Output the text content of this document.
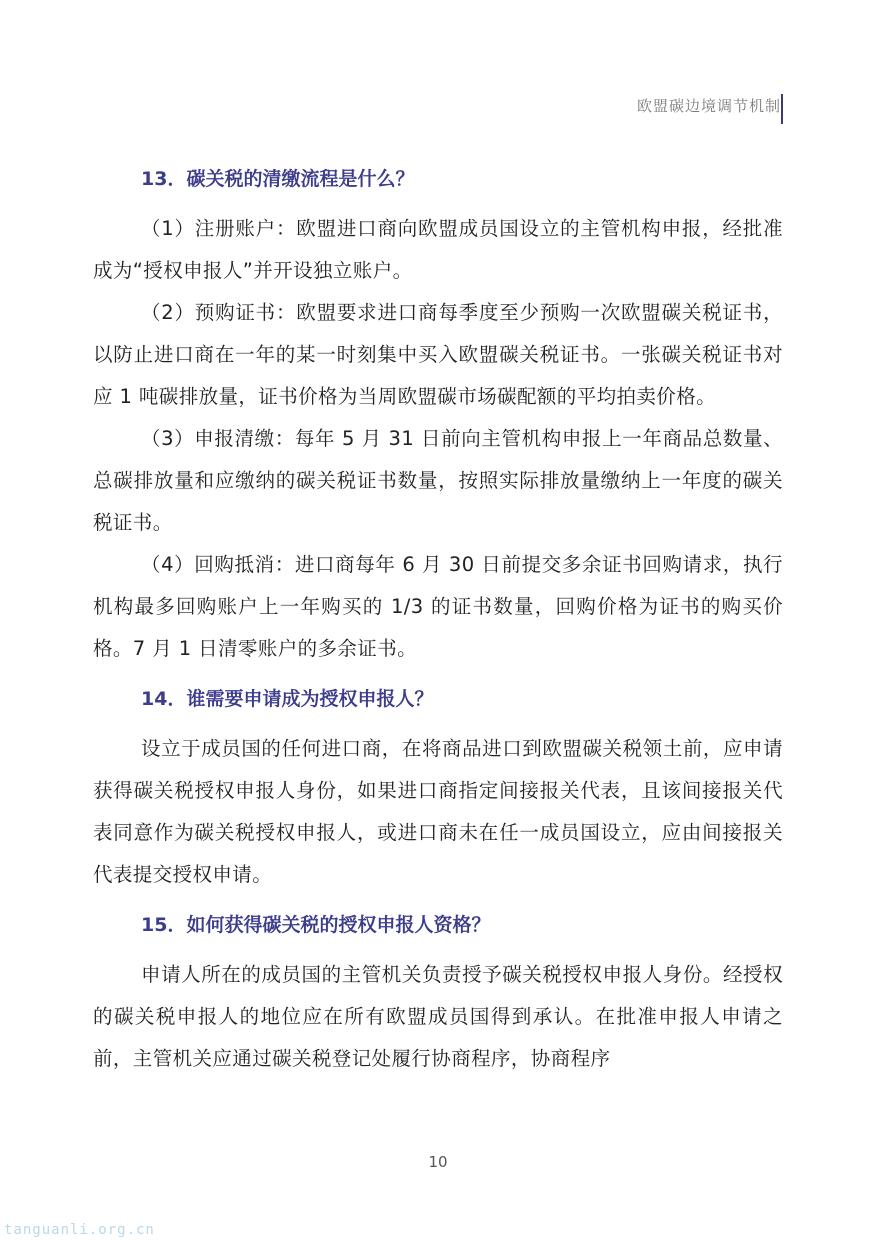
欧盟碳边境调节机制
13．碳关税的清缴流程是什么？

（1）注册账户：欧盟进口商向欧盟成员国设立的主管机构申报，经批准成为“授权申报人”并开设独立账户。

（2）预购证书：欧盟要求进口商每季度至少预购一次欧盟碳关税证书，以防止进口商在一年的某一时刻集中买入欧盟碳关税证书。一张碳关税证书对应 1 吨碳排放量，证书价格为当周欧盟碳市场碳配额的平均拍卖价格。

（3）申报清缴：每年 5 月 31 日前向主管机构申报上一年商品总数量、总碳排放量和应缴纳的碳关税证书数量，按照实际排放量缴纳上一年度的碳关税证书。

（4）回购抵消：进口商每年 6 月 30 日前提交多余证书回购请求，执行机构最多回购账户上一年购买的 1/3 的证书数量，回购价格为证书的购买价格。7 月 1 日清零账户的多余证书。

14．谁需要申请成为授权申报人？

设立于成员国的任何进口商，在将商品进口到欧盟碳关税领土前，应申请获得碳关税授权申报人身份，如果进口商指定间接报关代表，且该间接报关代表同意作为碳关税授权申报人，或进口商未在任一成员国设立，应由间接报关代表提交授权申请。

15．如何获得碳关税的授权申报人资格？

申请人所在的成员国的主管机关负责授予碳关税授权申报人身份。经授权的碳关税申报人的地位应在所有欧盟成员国得到承认。在批准申报人申请之前，主管机关应通过碳关税登记处履行协商程序，协商程序

10
tanguanli.org.cn
